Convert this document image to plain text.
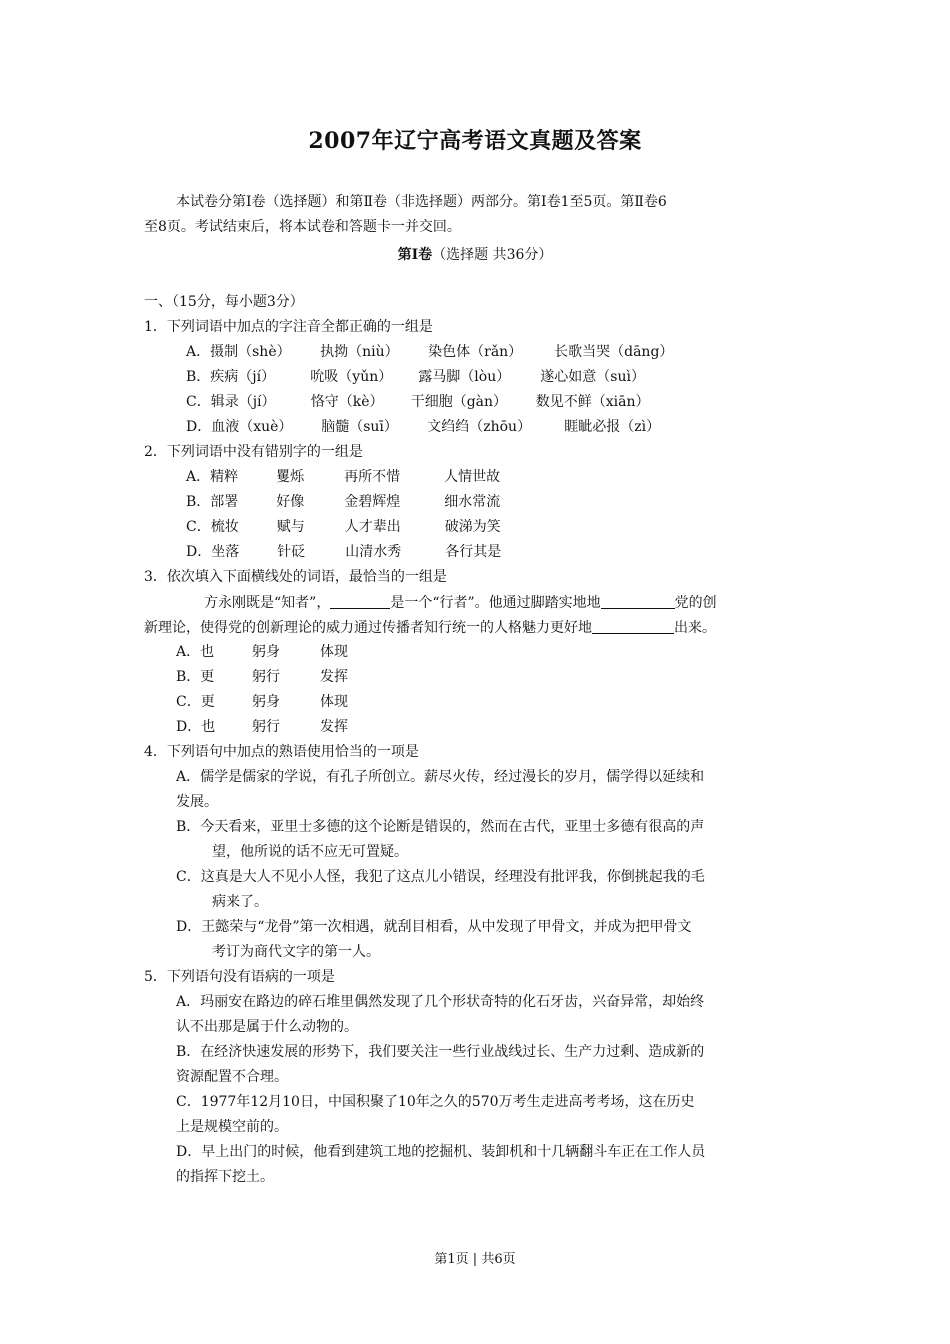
2007年辽宁高考语文真题及答案
本试卷分第Ⅰ卷（选择题）和第Ⅱ卷（非选择题）两部分。第Ⅰ卷1至5页。第Ⅱ卷6
至8页。考试结束后，将本试卷和答题卡一并交回。
第Ⅰ卷（选择题 共36分）
一、（15分，每小题3分）
1．下列词语中加点的字注音全都正确的一组是
A．摄制（shè） 执拗（niù） 染色体（rǎn） 长歌当哭（dāng）
B．疾病（jí）	吮吸（yǔn） 露马脚（lòu） 遂心如意（suì）
C．辑录（jí）	恪守（kè） 干细胞（gàn） 数见不鲜（xiān）
D．血液（xuè） 脑髓（suī） 文绉绉（zhōu） 睚眦必报（zì）
2．下列词语中没有错别字的一组是
A．精粹	矍烁	再所不惜	人情世故
B．部署	好像	金碧辉煌	细水常流
C．梳妆	赋与	人才辈出	破涕为笑
D．坐落	针砭	山清水秀	各行其是
3．依次填入下面横线处的词语，最恰当的一组是
方永刚既是“知者”，	是一个“行者”。他通过脚踏实地地	党的创
新理论，使得党的创新理论的威力通过传播者知行统一的人格魅力更好地	出来。
A．也	躬身	体现
B．更	躬行	发挥
C．更	躬身	体现
D．也	躬行	发挥
4．下列语句中加点的熟语使用恰当的一项是
A．儒学是儒家的学说，有孔子所创立。薪尽火传，经过漫长的岁月，儒学得以延续和
发展。
B．今天看来，亚里士多德的这个论断是错误的，然而在古代，亚里士多德有很高的声
望，他所说的话不应无可置疑。
C．这真是大人不见小人怪，我犯了这点儿小错误，经理没有批评我，你倒挑起我的毛
病来了。
D．王懿荣与“龙骨”第一次相遇，就刮目相看，从中发现了甲骨文，并成为把甲骨文
考订为商代文字的第一人。
5．下列语句没有语病的一项是
A．玛丽安在路边的碎石堆里偶然发现了几个形状奇特的化石牙齿，兴奋异常，却始终
认不出那是属于什么动物的。
B．在经济快速发展的形势下，我们要关注一些行业战线过长、生产力过剩、造成新的
资源配置不合理。
C．1977年12月10日，中国积聚了10年之久的570万考生走进高考考场，这在历史
上是规模空前的。
D．早上出门的时候，他看到建筑工地的挖掘机、装卸机和十几辆翻斗车正在工作人员
的指挥下挖土。
第1页 | 共6页
